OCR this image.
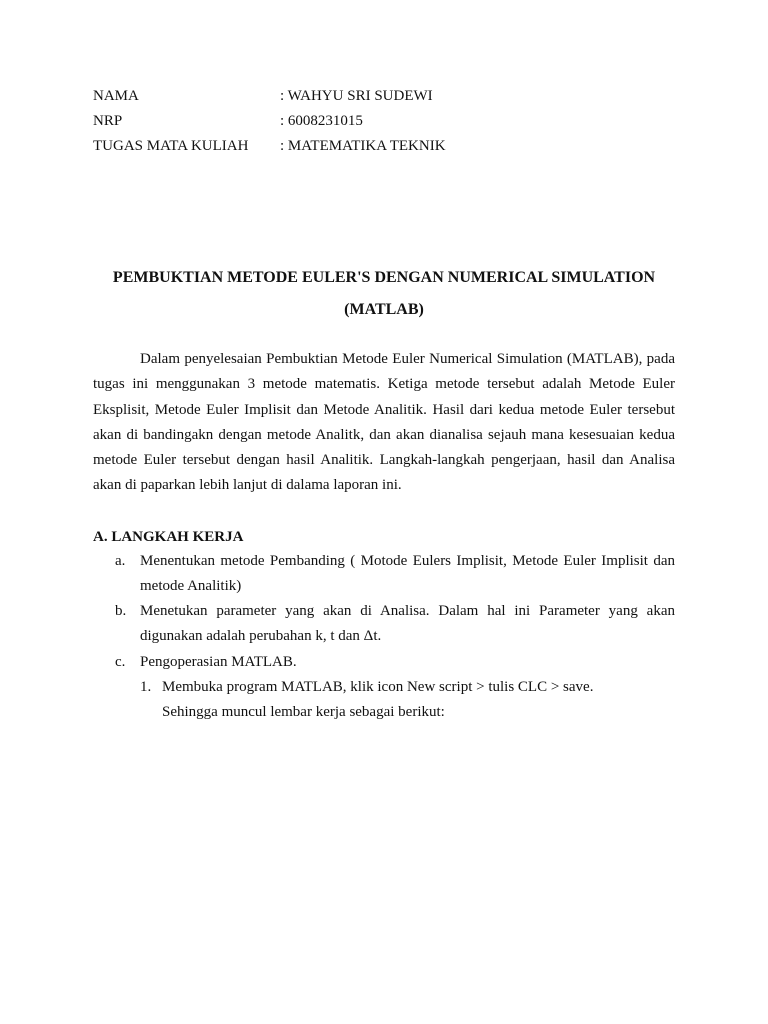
NAMA	: WAHYU SRI SUDEWI
NRP	: 6008231015
TUGAS MATA KULIAH : MATEMATIKA TEKNIK
PEMBUKTIAN METODE EULER'S DENGAN NUMERICAL SIMULATION (MATLAB)

Dalam penyelesaian Pembuktian Metode Euler Numerical Simulation (MATLAB), pada tugas ini menggunakan 3 metode matematis. Ketiga metode tersebut adalah Metode Euler Eksplisit, Metode Euler Implisit dan Metode Analitik. Hasil dari kedua metode Euler tersebut akan di bandingakn dengan metode Analitk, dan akan dianalisa sejauh mana kesesuaian kedua metode Euler tersebut dengan hasil Analitik. Langkah-langkah pengerjaan, hasil dan Analisa akan di paparkan lebih lanjut di dalama laporan ini.

A. LANGKAH KERJA
a. Menentukan metode Pembanding ( Motode Eulers Implisit, Metode Euler Implisit dan metode Analitik)
b. Menetukan parameter yang akan di Analisa. Dalam hal ini Parameter yang akan digunakan adalah perubahan k, t dan Δt.
c. Pengoperasian MATLAB.
1. Membuka program MATLAB, klik icon New script > tulis CLC > save.
Sehingga muncul lembar kerja sebagai berikut:
